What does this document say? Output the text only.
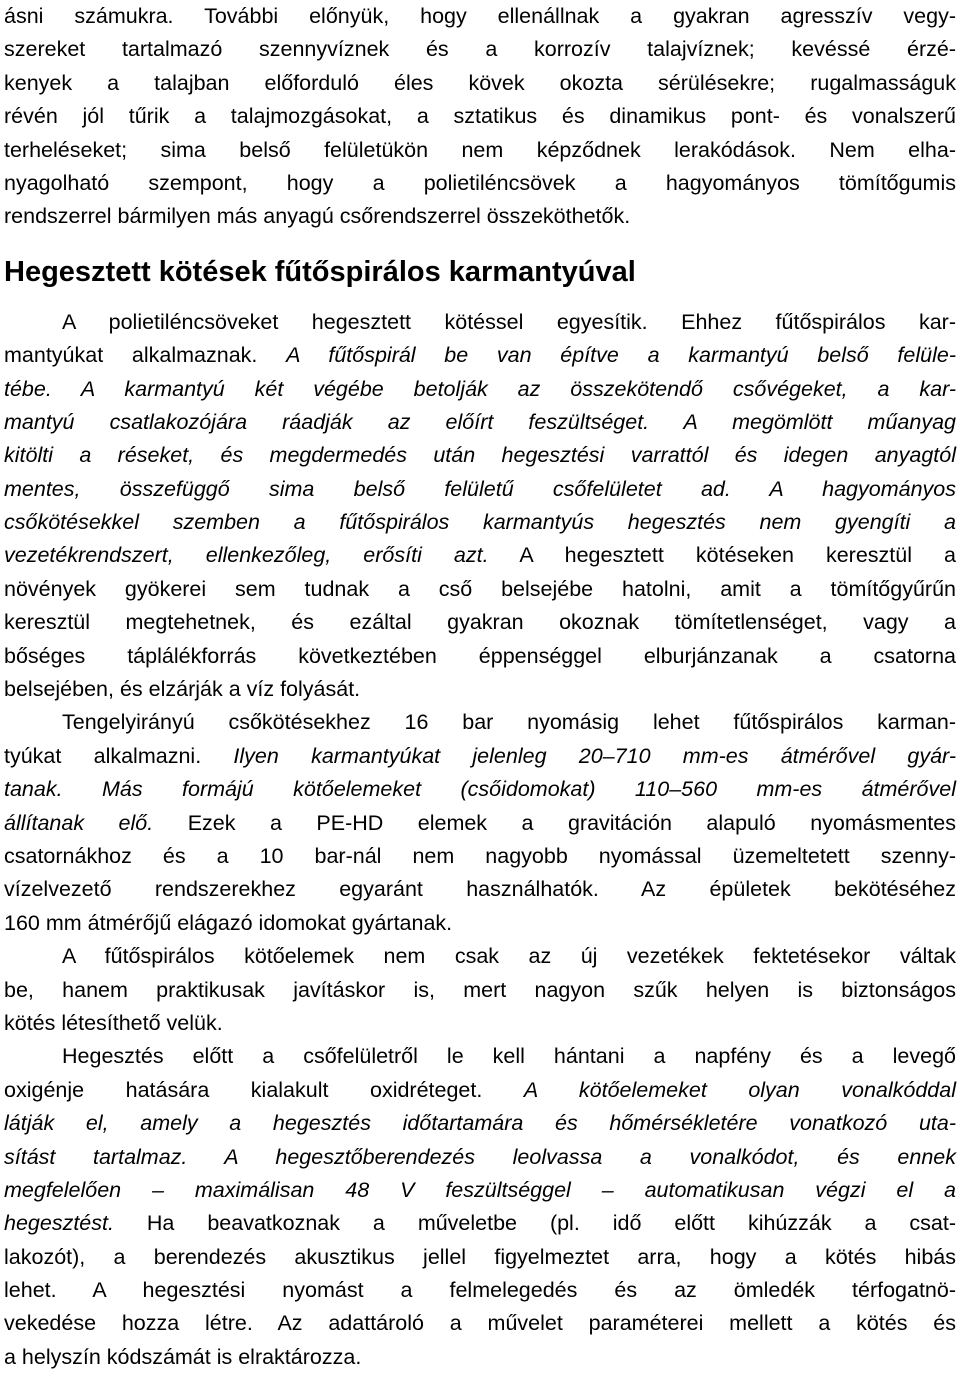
ásni számukra. További előnyük, hogy ellenállnak a gyakran agresszív vegy-
szereket tartalmazó szennyvíznek és a korrozív talajvíznek; kevéssé érzé-
kenyek a talajban előforduló éles kövek okozta sérülésekre; rugalmasságuk
révén jól tűrik a talajmozgásokat, a sztatikus és dinamikus pont- és vonalszerű
terheléseket; sima belső felületükön nem képződnek lerakódások. Nem elha-
nyagolható szempont, hogy a polietiléncsövek a hagyományos tömítőgumis
rendszerrel bármilyen más anyagú csőrendszerrel összeköthetők.
Hegesztett kötések fűtőspirálos karmantyúval
A polietiléncsöveket hegesztett kötéssel egyesítik. Ehhez fűtőspirálos kar-
mantyúkat alkalmaznak. A fűtőspirál be van építve a karmantyú belső felüle-
tébe. A karmantyú két végébe betolják az összekötendő csővégeket, a kar-
mantyú csatlakozójára ráadják az előírt feszültséget. A megömlött műanyag
kitölti a réseket, és megdermedés után hegesztési varrattól és idegen anyagtól
mentes, összefüggő sima belső felületű csőfelületet ad. A hagyományos
csőkötésekkel szemben a fűtőspirálos karmantyús hegesztés nem gyengíti a
vezetékrendszert, ellenkezőleg, erősíti azt. A hegesztett kötéseken keresztül a
növények gyökerei sem tudnak a cső belsejébe hatolni, amit a tömítőgyűrűn
keresztül megtehetnek, és ezáltal gyakran okoznak tömítetlenséget, vagy a
bőséges táplálékforrás következtében éppenséggel elburjánzanak a csatorna
belsejében, és elzárják a víz folyását.
Tengelyirányú csőkötésekhez 16 bar nyomásig lehet fűtőspirálos karman-
tyúkat alkalmazni. Ilyen karmantyúkat jelenleg 20–710 mm-es átmérővel gyár-
tanak. Más formájú kötőelemeket (csőidomokat) 110–560 mm-es átmérővel
állítanak elő. Ezek a PE-HD elemek a gravitáción alapuló nyomásmentes
csatornákhoz és a 10 bar-nál nem nagyobb nyomással üzemeltetett szenny-
vízelvezető rendszerekhez egyaránt használhatók. Az épületek bekötéséhez
160 mm átmérőjű elágazó idomokat gyártanak.
A fűtőspirálos kötőelemek nem csak az új vezetékek fektetésekor váltak
be, hanem praktikusak javításkor is, mert nagyon szűk helyen is biztonságos
kötés létesíthető velük.
Hegesztés előtt a csőfelületről le kell hántani a napfény és a levegő
oxigénje hatására kialakult oxidréteget. A kötőelemeket olyan vonalkóddal
látják el, amely a hegesztés időtartamára és hőmérsékletére vonatkozó uta-
sítást tartalmaz. A hegesztőberendezés leolvassa a vonalkódot, és ennek
megfelelően – maximálisan 48 V feszültséggel – automatikusan végzi el a
hegesztést. Ha beavatkoznak a műveletbe (pl. idő előtt kihúzzák a csat-
lakozót), a berendezés akusztikus jellel figyelmeztet arra, hogy a kötés hibás
lehet. A hegesztési nyomást a felmelegedés és az ömledék térfogatnö-
vekedése hozza létre. Az adattároló a művelet paraméterei mellett a kötés és
a helyszín kódszámát is elraktározza.
